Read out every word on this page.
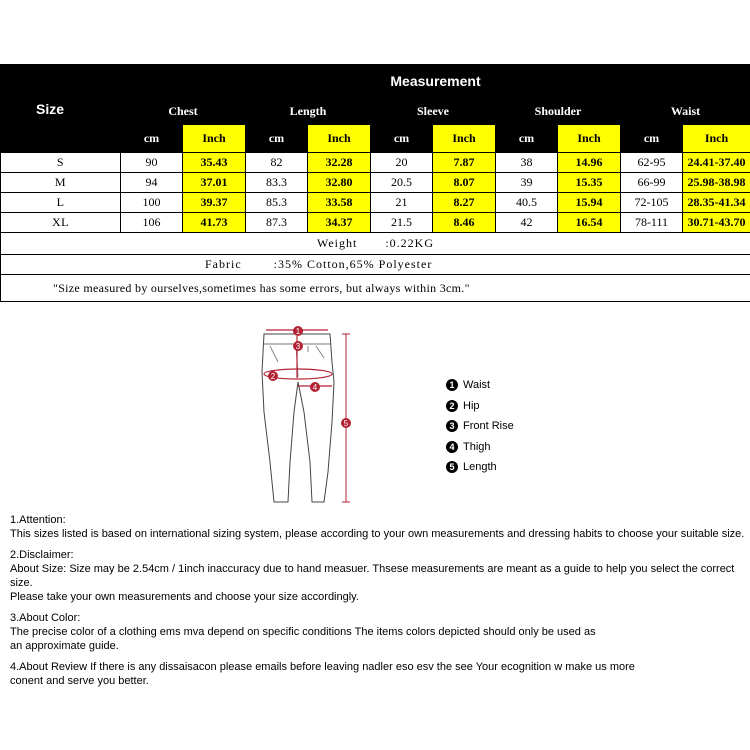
Size	Measurement									
	Chest		Length		Sleeve		Shoulder		Waist	
	cm	Inch	cm	Inch	cm	Inch	cm	Inch	cm	Inch
S	90	35.43	82	32.28	20	7.87	38	14.96	62-95	24.41-37.40
M	94	37.01	83.3	32.80	20.5	8.07	39	15.35	66-99	25.98-38.98
L	100	39.37	85.3	33.58	21	8.27	40.5	15.94	72-105	28.35-41.34
XL	106	41.73	87.3	34.37	21.5	8.46	42	16.54	78-111	30.71-43.70
Weight :0.22KG										
Fabric :35% Cotton,65% Polyester										
"Size measured by ourselves,sometimes has some errors, but always within 3cm."										
1
3
2
4
5
1 Waist
2 Hip
3 Front Rise
4 Thigh
5 Length

1.Attention:

This sizes listed is based on international sizing system, please according to your own measurements and dressing habits to choose your suitable size.

2.Disclaimer:

About Size: Size may be 2.54cm / 1inch inaccuracy due to hand measuer. Thsese measurements are meant as a guide to help you select the correct size.

Please take your own measurements and choose your size accordingly.

3.About Color:

The precise color of a clothing ems mva depend on specific conditions The items colors depicted should only be used as

an approximate guide.

4.About Review If there is any dissaisacon please emails before leaving nadler eso esv the see Your ecognition w make us more

conent and serve you better.
